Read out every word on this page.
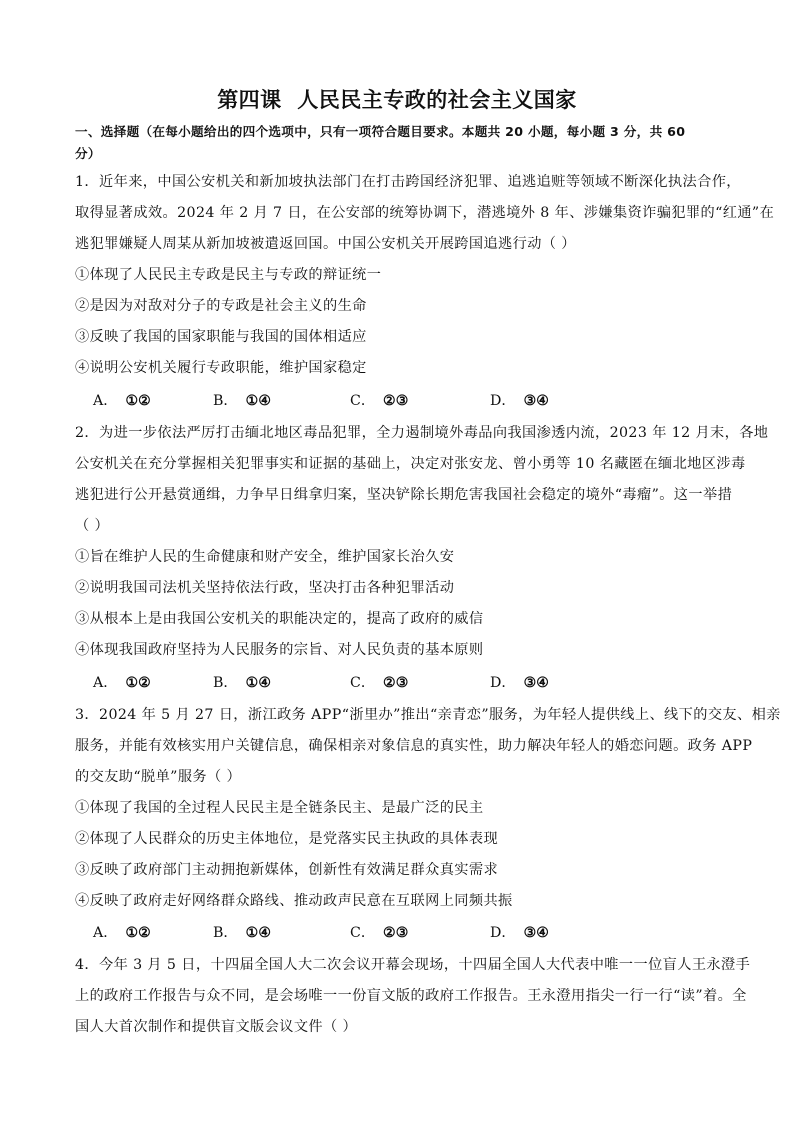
第四课  人民民主专政的社会主义国家
一、选择题（在每小题给出的四个选项中，只有一项符合题目要求。本题共 20 小题，每小题 3 分，共 60
分）
1．近年来，中国公安机关和新加坡执法部门在打击跨国经济犯罪、追逃追赃等领域不断深化执法合作，
取得显著成效。2024 年 2 月 7 日，在公安部的统筹协调下，潜逃境外 8 年、涉嫌集资诈骗犯罪的“红通”在
逃犯罪嫌疑人周某从新加坡被遣返回国。中国公安机关开展跨国追逃行动（ ）
①体现了人民民主专政是民主与专政的辩证统一
②是因为对敌对分子的专政是社会主义的生命
③反映了我国的国家职能与我国的国体相适应
④说明公安机关履行专政职能，维护国家稳定
A． ①②	B． ①④	C． ②③	D． ③④
2．为进一步依法严厉打击缅北地区毒品犯罪，全力遏制境外毒品向我国渗透内流，2023 年 12 月末，各地
公安机关在充分掌握相关犯罪事实和证据的基础上，决定对张安龙、曾小勇等 10 名藏匿在缅北地区涉毒
逃犯进行公开悬赏通缉，力争早日缉拿归案，坚决铲除长期危害我国社会稳定的境外“毒瘤”。这一举措
（ ）
①旨在维护人民的生命健康和财产安全，维护国家长治久安
②说明我国司法机关坚持依法行政，坚决打击各种犯罪活动
③从根本上是由我国公安机关的职能决定的，提高了政府的威信
④体现我国政府坚持为人民服务的宗旨、对人民负责的基本原则
A． ①②	B． ①④	C． ②③	D． ③④
3．2024 年 5 月 27 日，浙江政务 APP“浙里办”推出“亲青恋”服务，为年轻人提供线上、线下的交友、相亲
服务，并能有效核实用户关键信息，确保相亲对象信息的真实性，助力解决年轻人的婚恋问题。政务 APP
的交友助“脱单”服务（ ）
①体现了我国的全过程人民民主是全链条民主、是最广泛的民主
②体现了人民群众的历史主体地位，是党落实民主执政的具体表现
③反映了政府部门主动拥抱新媒体，创新性有效满足群众真实需求
④反映了政府走好网络群众路线、推动政声民意在互联网上同频共振
A． ①②	B． ①④	C． ②③	D． ③④
4．今年 3 月 5 日，十四届全国人大二次会议开幕会现场，十四届全国人大代表中唯一一位盲人王永澄手
上的政府工作报告与众不同，是会场唯一一份盲文版的政府工作报告。王永澄用指尖一行一行“读”着。全
国人大首次制作和提供盲文版会议文件（ ）
